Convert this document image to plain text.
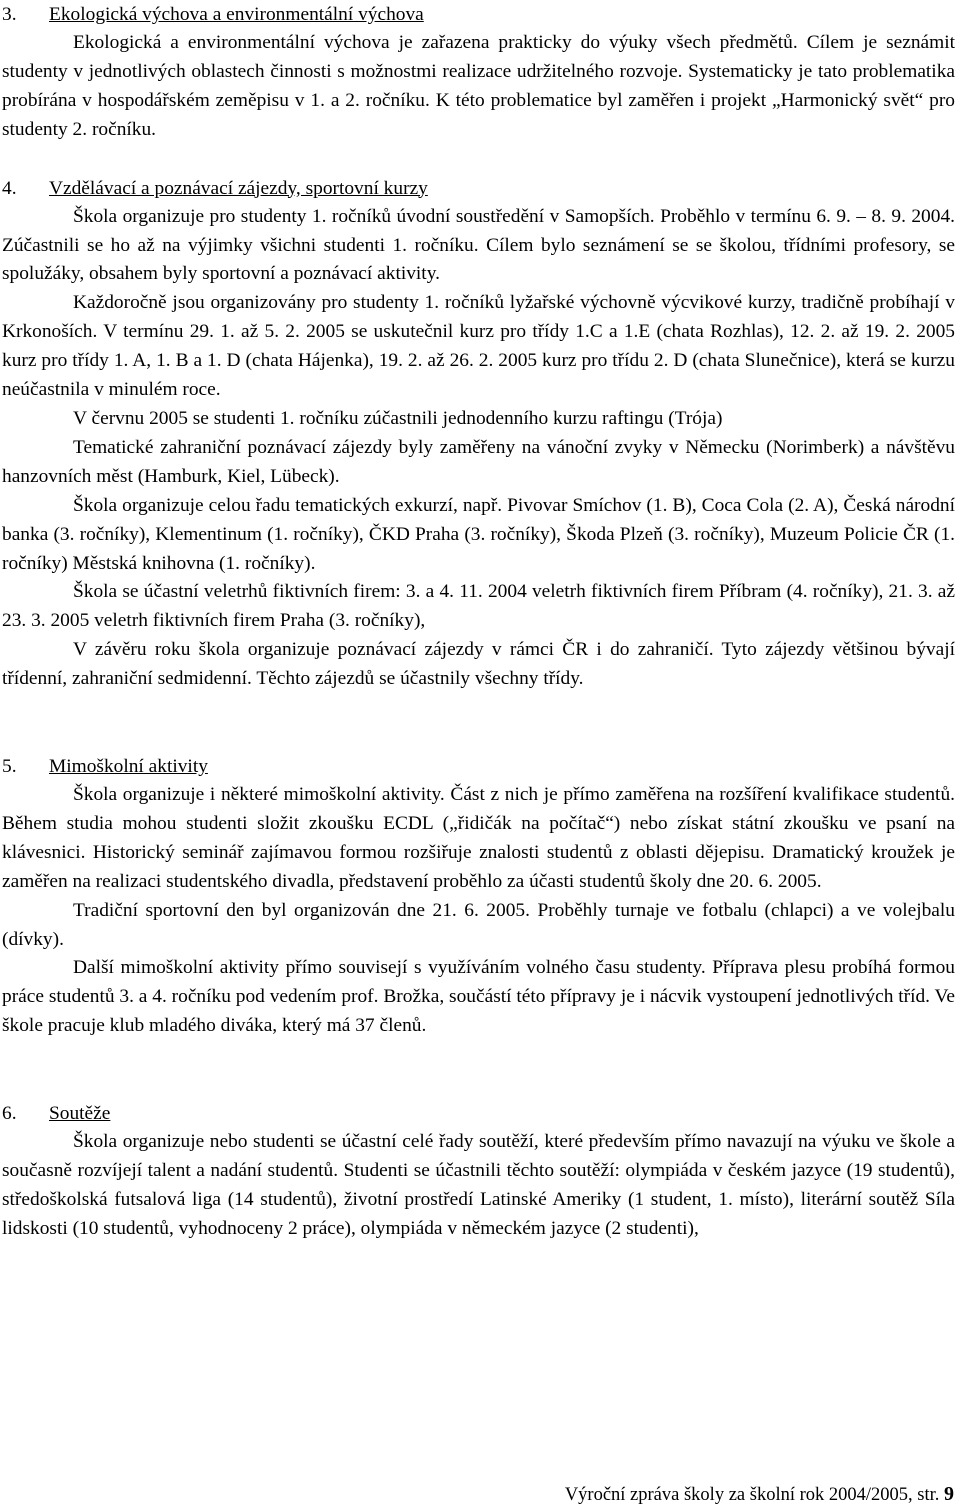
3. Ekologická výchova a environmentální výchova

Ekologická a environmentální výchova je zařazena prakticky do výuky všech předmětů. Cílem je seznámit studenty v jednotlivých oblastech činnosti s možnostmi realizace udržitelného rozvoje. Systematicky je tato problematika probírána v hospodářském zeměpisu v 1. a 2. ročníku. K této problematice byl zaměřen i projekt „Harmonický svět“ pro studenty 2. ročníku.

4. Vzdělávací a poznávací zájezdy, sportovní kurzy

Škola organizuje pro studenty 1. ročníků úvodní soustředění v Samopších. Proběhlo v termínu 6. 9. – 8. 9. 2004. Zúčastnili se ho až na výjimky všichni studenti 1. ročníku. Cílem bylo seznámení se se školou, třídními profesory, se spolužáky, obsahem byly sportovní a poznávací aktivity.

Každoročně jsou organizovány pro studenty 1. ročníků lyžařské výchovně výcvikové kurzy, tradičně probíhají v Krkonoších. V termínu 29. 1. až 5. 2. 2005 se uskutečnil kurz pro třídy 1.C a 1.E (chata Rozhlas), 12. 2. až 19. 2. 2005 kurz pro třídy 1. A, 1. B a 1. D (chata Hájenka), 19. 2. až 26. 2. 2005 kurz pro třídu 2. D (chata Slunečnice), která se kurzu neúčastnila v minulém roce.

V červnu 2005 se studenti 1. ročníku zúčastnili jednodenního kurzu raftingu (Trója)

Tematické zahraniční poznávací zájezdy byly zaměřeny na vánoční zvyky v Německu (Norimberk) a návštěvu hanzovních měst (Hamburk, Kiel, Lübeck).

Škola organizuje celou řadu tematických exkurzí, např. Pivovar Smíchov (1. B), Coca Cola (2. A), Česká národní banka (3. ročníky), Klementinum (1. ročníky), ČKD Praha (3. ročníky), Škoda Plzeň (3. ročníky), Muzeum Policie ČR (1. ročníky) Městská knihovna (1. ročníky).

Škola se účastní veletrhů fiktivních firem: 3. a 4. 11. 2004 veletrh fiktivních firem Příbram (4. ročníky), 21. 3. až 23. 3. 2005 veletrh fiktivních firem Praha (3. ročníky),

V závěru roku škola organizuje poznávací zájezdy v rámci ČR i do zahraničí. Tyto zájezdy většinou bývají třídenní, zahraniční sedmidenní. Těchto zájezdů se účastnily všechny třídy.

5. Mimoškolní aktivity

Škola organizuje i některé mimoškolní aktivity. Část z nich je přímo zaměřena na rozšíření kvalifikace studentů. Během studia mohou studenti složit zkoušku ECDL („řidičák na počítač“) nebo získat státní zkoušku ve psaní na klávesnici. Historický seminář zajímavou formou rozšiřuje znalosti studentů z oblasti dějepisu. Dramatický kroužek je zaměřen na realizaci studentského divadla, představení proběhlo za účasti studentů školy dne 20. 6. 2005.

Tradiční sportovní den byl organizován dne 21. 6. 2005. Proběhly turnaje ve fotbalu (chlapci) a ve volejbalu (dívky).

Další mimoškolní aktivity přímo souvisejí s využíváním volného času studenty. Příprava plesu probíhá formou práce studentů 3. a 4. ročníku pod vedením prof. Brožka, součástí této přípravy je i nácvik vystoupení jednotlivých tříd. Ve škole pracuje klub mladého diváka, který má 37 členů.

6. Soutěže

Škola organizuje nebo studenti se účastní celé řady soutěží, které především přímo navazují na výuku ve škole a současně rozvíjejí talent a nadání studentů. Studenti se účastnili těchto soutěží: olympiáda v českém jazyce (19 studentů), středoškolská futsalová liga (14 studentů), životní prostředí Latinské Ameriky (1 student, 1. místo), literární soutěž Síla lidskosti (10 studentů, vyhodnoceny 2 práce), olympiáda v německém jazyce (2 studenti),

Výroční zpráva školy za školní rok 2004/2005, str. 9
